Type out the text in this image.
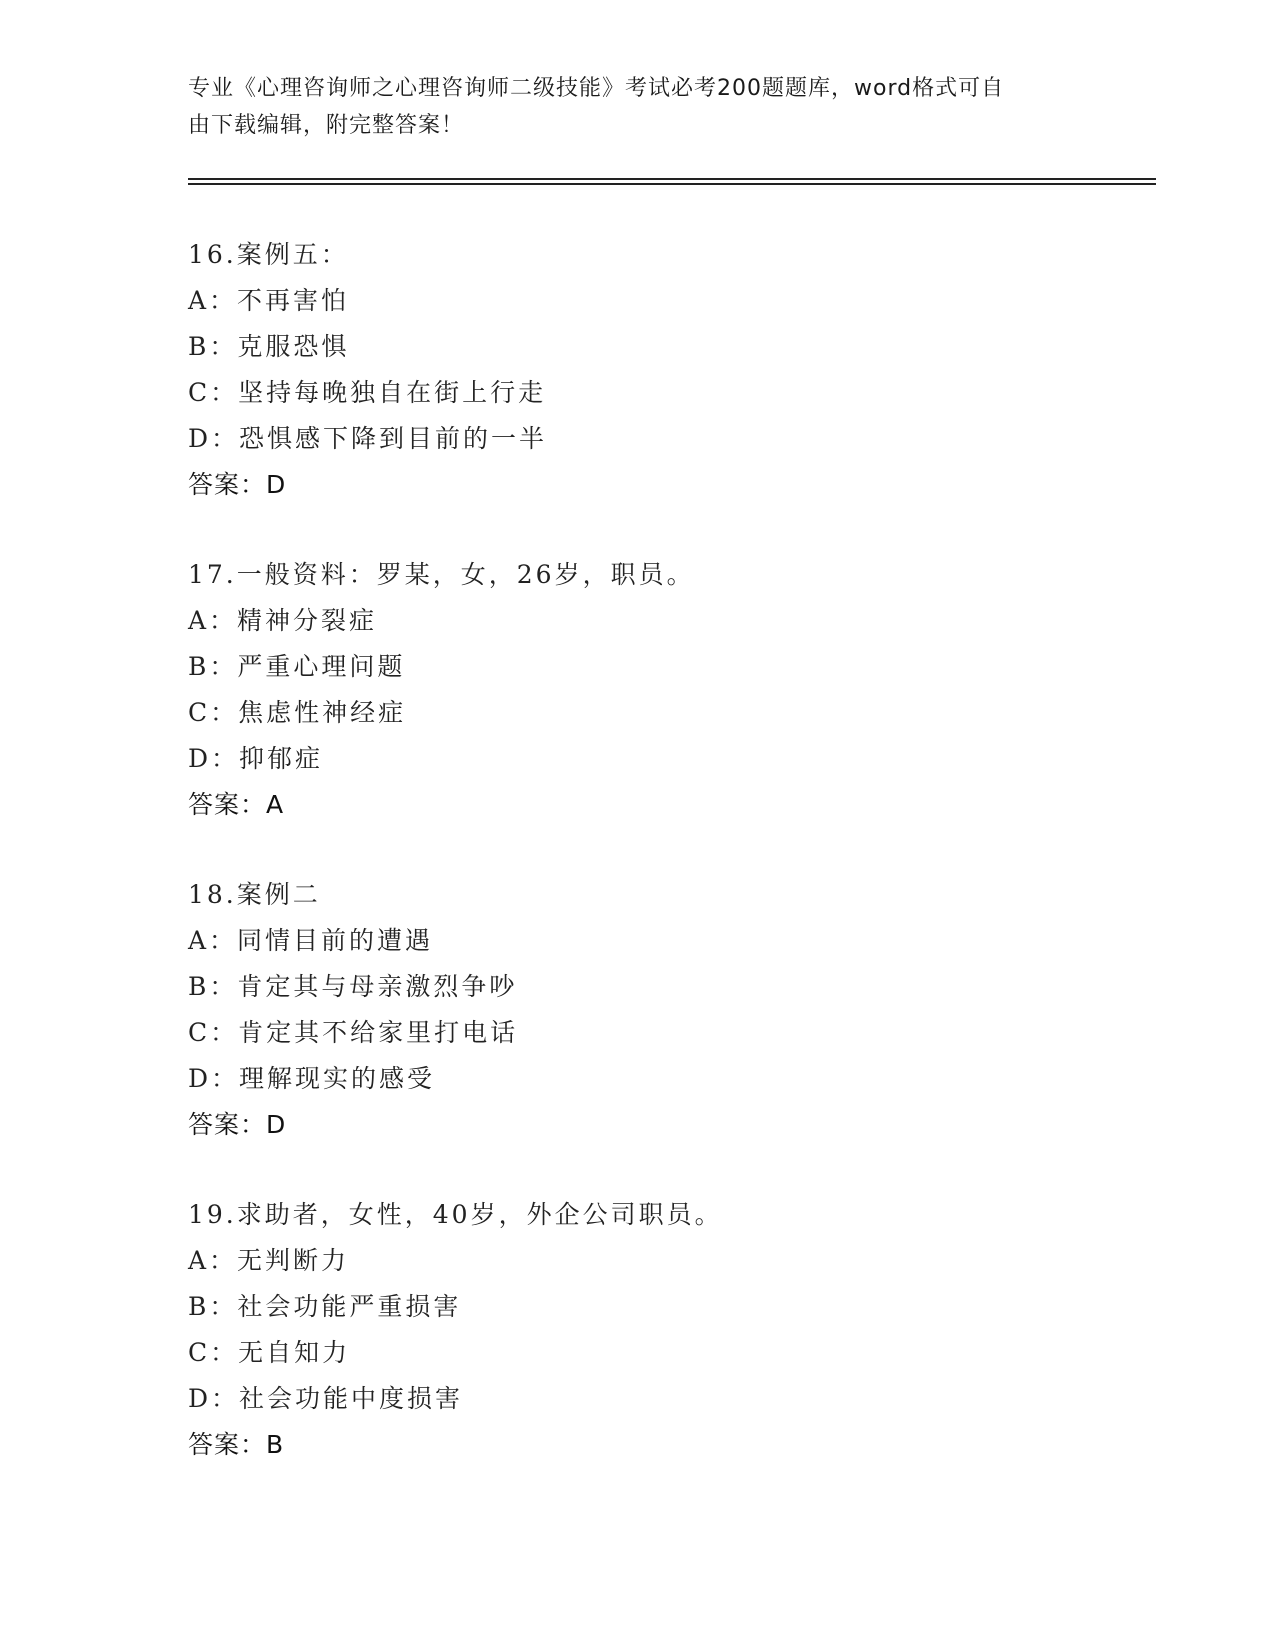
专业《心理咨询师之心理咨询师二级技能》考试必考200题题库，word格式可自
由下载编辑，附完整答案！
16.案例五：
A：不再害怕
B：克服恐惧
C：坚持每晚独自在街上行走
D：恐惧感下降到目前的一半
答案：D
17.一般资料：罗某，女，26岁，职员。
A：精神分裂症
B：严重心理问题
C：焦虑性神经症
D：抑郁症
答案：A
18.案例二
A：同情目前的遭遇
B：肯定其与母亲激烈争吵
C：肯定其不给家里打电话
D：理解现实的感受
答案：D
19.求助者，女性，40岁，外企公司职员。
A：无判断力
B：社会功能严重损害
C：无自知力
D：社会功能中度损害
答案：B
